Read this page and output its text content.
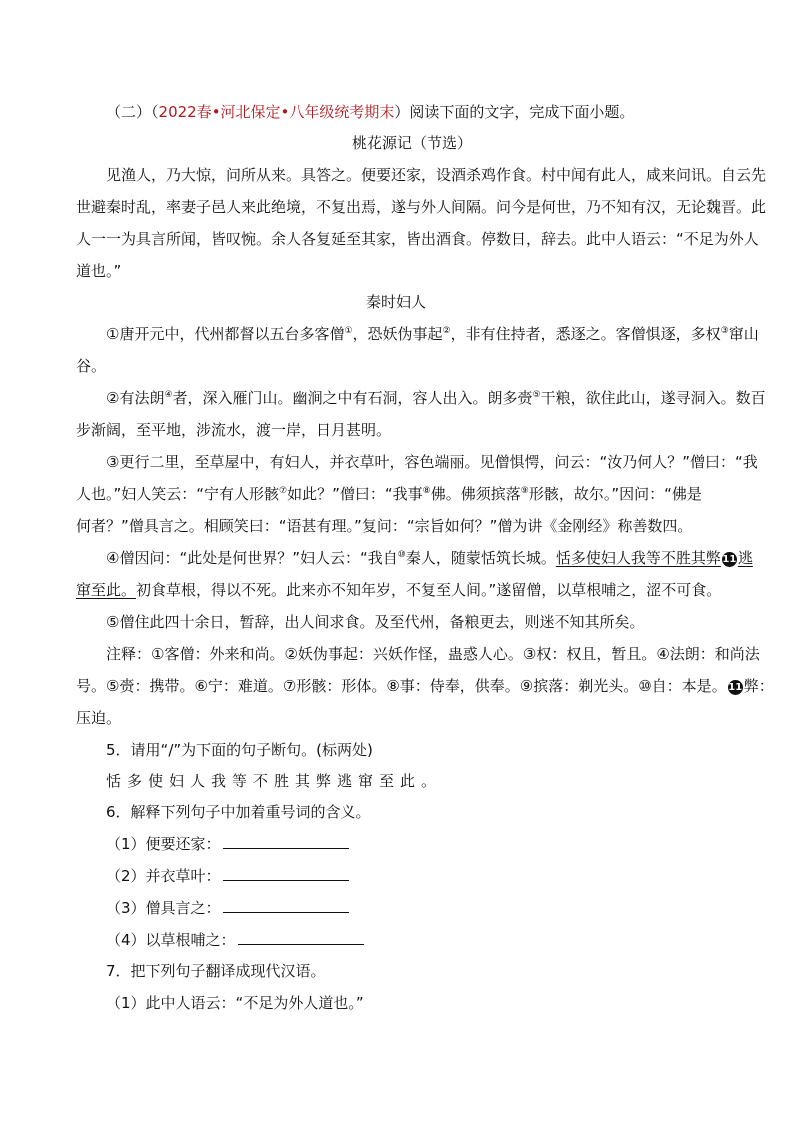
（二）（2022春•河北保定•八年级统考期末）阅读下面的文字，完成下面小题。
桃花源记（节选）
见渔人，乃大惊，问所从来。具答之。便要还家，设酒杀鸡作食。村中闻有此人，咸来问讯。自云先
世避秦时乱，率妻子邑人来此绝境，不复出焉，遂与外人间隔。问今是何世，乃不知有汉，无论魏晋。此
人一一为具言所闻，皆叹惋。余人各复延至其家，皆出酒食。停数日，辞去。此中人语云：“不足为外人
道也。”
秦时妇人
①唐开元中，代州都督以五台多客僧①，恐妖伪事起②，非有住持者，悉逐之。客僧惧逐，多权③窜山
谷。
②有法朗④者，深入雁门山。幽涧之中有石洞，容人出入。朗多赍⑤干粮，欲住此山，遂寻洞入。数百
步渐阔，至平地，涉流水，渡一岸，日月甚明。
③更行二里，至草屋中，有妇人，并衣草叶，容色端丽。见僧惧愕，问云：“汝乃何人？”僧曰：“我
人也。”妇人笑云：“宁有人形骸⑦如此？”僧曰：“我事⑧佛。佛须摈落⑨形骸，故尔。”因问：“佛是
何者？”僧具言之。相顾笑曰：“语甚有理。”复问：“宗旨如何？”僧为讲《金刚经》称善数四。
④僧因问：“此处是何世界？”妇人云：“我自⑩秦人，随蒙恬筑长城。恬多使妇人我等不胜其弊 11 逃
窜至此。初食草根，得以不死。此来亦不知年岁，不复至人间。”遂留僧，以草根哺之，涩不可食。
⑤僧住此四十余日，暂辞，出人间求食。及至代州，备粮更去，则迷不知其所矣。
注释：①客僧：外来和尚。②妖伪事起：兴妖作怪，蛊惑人心。③权：权且，暂且。④法朗：和尚法
号。⑤赍：携带。⑥宁：难道。⑦形骸：形体。⑧事：侍奉，供奉。⑨摈落：剃光头。⑩自：本是。 11 弊：
压迫。
5．请用“/”为下面的句子断句。(标两处)
恬多使妇人我等不胜其弊逃窜至此。
6．解释下列句子中加着重号词的含义。
（1）便要还家：
（2）并衣草叶：
（3）僧具言之：
（4）以草根哺之：
7．把下列句子翻译成现代汉语。
（1）此中人语云：“不足为外人道也。”
